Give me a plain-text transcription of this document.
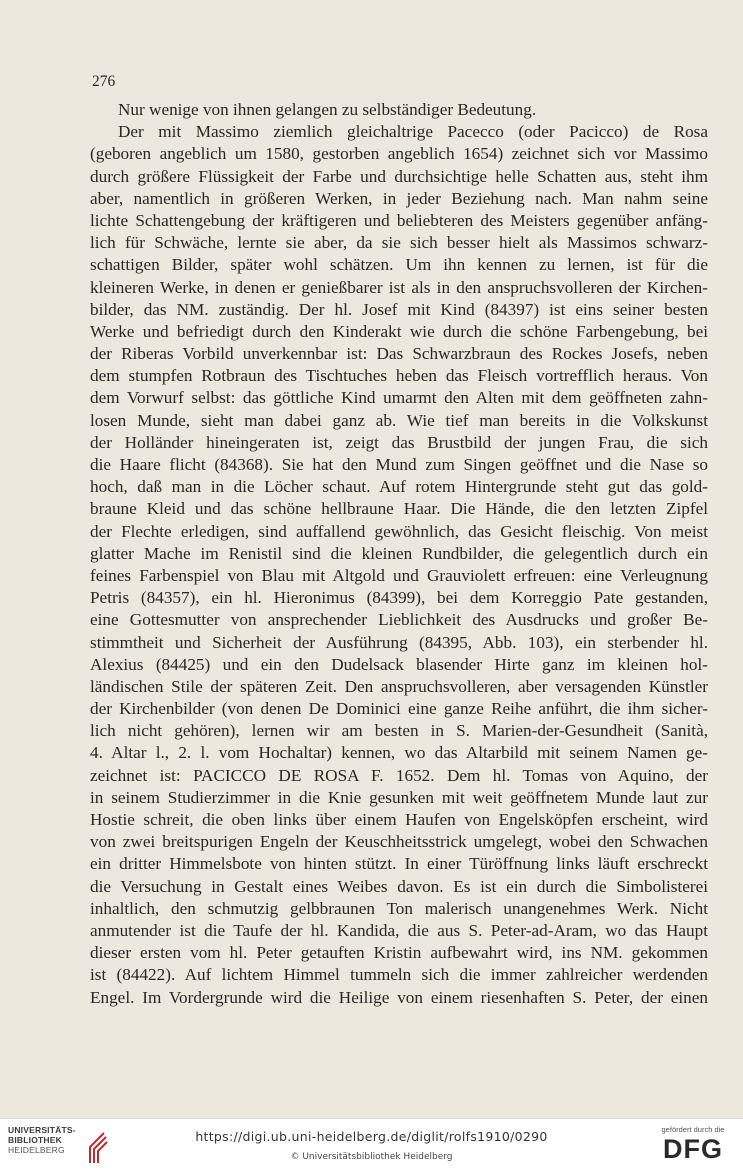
276
Nur wenige von ihnen gelangen zu selbständiger Bedeutung.
Der mit Massimo ziemlich gleichaltrige Pacecco (oder Pacicco) de Rosa
(geboren angeblich um 1580, gestorben angeblich 1654) zeichnet sich vor Massimo
durch größere Flüssigkeit der Farbe und durchsichtige helle Schatten aus, steht ihm
aber, namentlich in größeren Werken, in jeder Beziehung nach. Man nahm seine
lichte Schattengebung der kräftigeren und beliebteren des Meisters gegenüber anfäng-
lich für Schwäche, lernte sie aber, da sie sich besser hielt als Massimos schwarz-
schattigen Bilder, später wohl schätzen. Um ihn kennen zu lernen, ist für die
kleineren Werke, in denen er genießbarer ist als in den anspruchsvolleren der Kirchen-
bilder, das NM. zuständig. Der hl. Josef mit Kind (84397) ist eins seiner besten
Werke und befriedigt durch den Kinderakt wie durch die schöne Farbengebung, bei
der Riberas Vorbild unverkennbar ist: Das Schwarzbraun des Rockes Josefs, neben
dem stumpfen Rotbraun des Tischtuches heben das Fleisch vortrefflich heraus. Von
dem Vorwurf selbst: das göttliche Kind umarmt den Alten mit dem geöffneten zahn-
losen Munde, sieht man dabei ganz ab. Wie tief man bereits in die Volkskunst
der Holländer hineingeraten ist, zeigt das Brustbild der jungen Frau, die sich
die Haare flicht (84368). Sie hat den Mund zum Singen geöffnet und die Nase so
hoch, daß man in die Löcher schaut. Auf rotem Hintergrunde steht gut das gold-
braune Kleid und das schöne hellbraune Haar. Die Hände, die den letzten Zipfel
der Flechte erledigen, sind auffallend gewöhnlich, das Gesicht fleischig. Von meist
glatter Mache im Renistil sind die kleinen Rundbilder, die gelegentlich durch ein
feines Farbenspiel von Blau mit Altgold und Grauviolett erfreuen: eine Verleugnung
Petris (84357), ein hl. Hieronimus (84399), bei dem Korreggio Pate gestanden,
eine Gottesmutter von ansprechender Lieblichkeit des Ausdrucks und großer Be-
stimmtheit und Sicherheit der Ausführung (84395, Abb. 103), ein sterbender hl.
Alexius (84425) und ein den Dudelsack blasender Hirte ganz im kleinen hol-
ländischen Stile der späteren Zeit. Den anspruchsvolleren, aber versagenden Künstler
der Kirchenbilder (von denen De Dominici eine ganze Reihe anführt, die ihm sicher-
lich nicht gehören), lernen wir am besten in S. Marien-der-Gesundheit (Sanità,
4. Altar l., 2. l. vom Hochaltar) kennen, wo das Altarbild mit seinem Namen ge-
zeichnet ist: PACICCO DE ROSA F. 1652. Dem hl. Tomas von Aquino, der
in seinem Studierzimmer in die Knie gesunken mit weit geöffnetem Munde laut zur
Hostie schreit, die oben links über einem Haufen von Engelsköpfen erscheint, wird
von zwei breitspurigen Engeln der Keuschheitsstrick umgelegt, wobei den Schwachen
ein dritter Himmelsbote von hinten stützt. In einer Türöffnung links läuft erschreckt
die Versuchung in Gestalt eines Weibes davon. Es ist ein durch die Simbolisterei
inhaltlich, den schmutzig gelbbraunen Ton malerisch unangenehmes Werk. Nicht
anmutender ist die Taufe der hl. Kandida, die aus S. Peter-ad-Aram, wo das Haupt
dieser ersten vom hl. Peter getauften Kristin aufbewahrt wird, ins NM. gekommen
ist (84422). Auf lichtem Himmel tummeln sich die immer zahlreicher werdenden
Engel. Im Vordergrunde wird die Heilige von einem riesenhaften S. Peter, der einen
UNIVERSITÄTS-
BIBLIOTHEK
HEIDELBERG
https://digi.ub.uni-heidelberg.de/diglit/rolfs1910/0290
© Universitätsbibliothek Heidelberg
gefördert durch die
DFG
